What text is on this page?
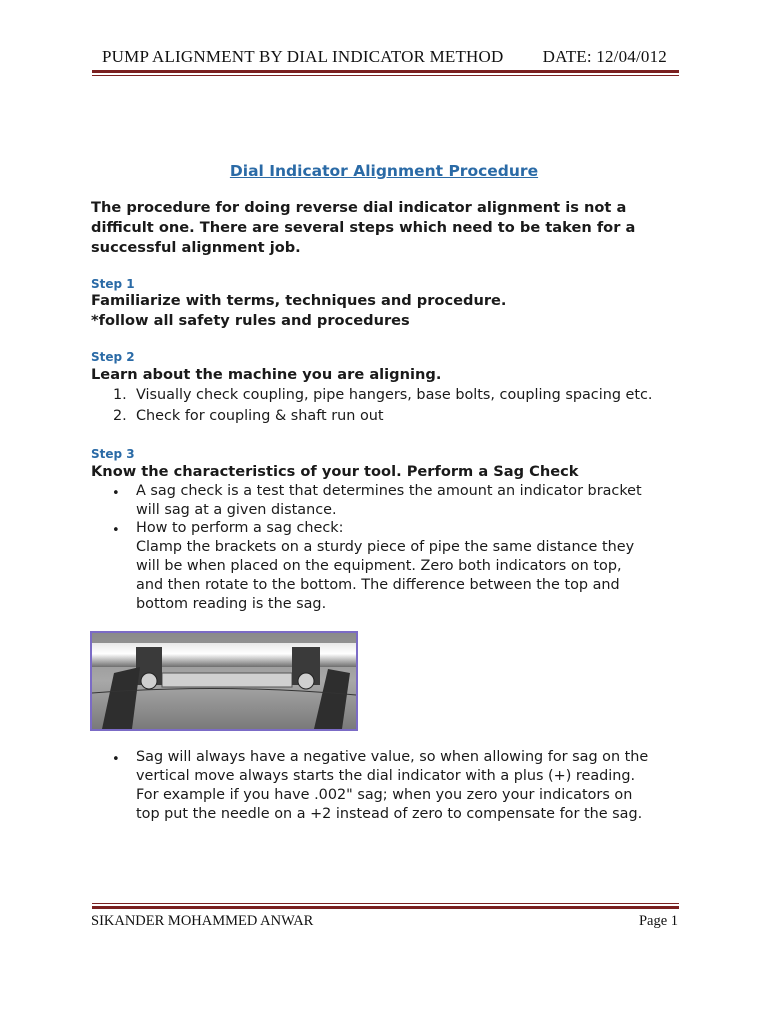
PUMP ALIGNMENT BY DIAL INDICATOR METHOD DATE: 12/04/012
Dial Indicator Alignment Procedure
The procedure for doing reverse dial indicator alignment is not a
difficult one. There are several steps which need to be taken for a
successful alignment job.
Step 1
Familiarize with terms, techniques and procedure.
*follow all safety rules and procedures
Step 2
Learn about the machine you are aligning.
1. Visually check coupling, pipe hangers, base bolts, coupling spacing etc.
2. Check for coupling & shaft run out
Step 3
Know the characteristics of your tool. Perform a Sag Check
• A sag check is a test that determines the amount an indicator bracket
will sag at a given distance.
• How to perform a sag check:
Clamp the brackets on a sturdy piece of pipe the same distance they
will be when placed on the equipment. Zero both indicators on top,
and then rotate to the bottom. The difference between the top and
bottom reading is the sag.
• Sag will always have a negative value, so when allowing for sag on the
vertical move always starts the dial indicator with a plus (+) reading.
For example if you have .002" sag; when you zero your indicators on
top put the needle on a +2 instead of zero to compensate for the sag.
SIKANDER MOHAMMED ANWAR	Page 1
